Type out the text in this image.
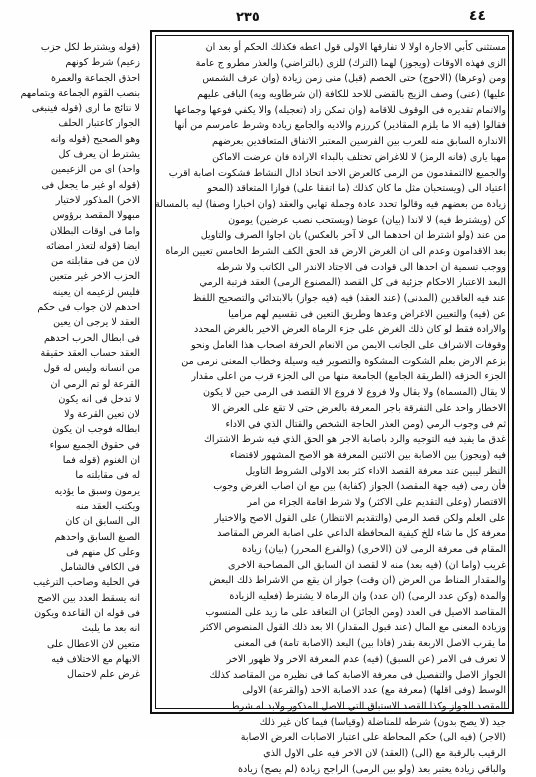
٢٣٥	٤٤
مستثنى كأبي الاجارة اولا لا تفارقها الاولى قول اعطه فكذلك الحكم أو بعد ان
الزى فهذه الاوقات (ويجوز) لهما (الترك) للزى (بالتراضي) والعذر مطرو ج عامة
ومن (وعرها) (الاحوج) حتى الخصم (قبل) منى زمن زيادة (وان عرف الشمس
عليها) (عنى) وصف الزيج بالقضى للاحد للكافة (ان شرطاويه ويه) الباقى عليهم
والاتمام تقديره فى الوقوف للاقامة (وان تمكن زاد (تعجيله) والا يكفي فوعها وجماعها
فقالوا (فيه الا ما يلزم المقادير) كررزم والاديه والجامع زيادة وشرط عامرسم من أنها
الاندارة السابق منه للعرب بين الفرسين المعتبر الاتفاق المتعاقدين بعرضهم
مهبا يارى (فانه الرمز) لا للاغراض تختلف بالبداء الارادة فان عرضت الاماكن
والجميع لاالتمقدمون من الرمى كالعرض الاحد اتحاذ ادال النشاط فشكوت اصابة اقرب
اعتياد الى (ويستحبان مثل ما كان كذلك (ما اتفقا على) فوازا المتعاقد (المحو
زيادة من بعضهم فيه وقالوا تحدد عادة وجملة تهابي والعقد (وان اخبارا وصفا) ليه بالمسالة
كن (ويشترط فيه) لا لاندا (بيان) عوضا (ويستحب نصب عرضين) يومون
من عند (ولو اشترط ان احدهما الى لا آخر بالعكس) بان اجاوا الصرف والتاويل
بعد الاقدامون وعدم الى ان الغرض الارض قد الحق الكف الشرط الخامس تعيين الرماة
ووجب تسمية ان احدها الى قوادت فى الاجتاد الاندر الى الكاتب ولا شرطه
البعد الاعتبار الاحكام جزئية فى كل القصد (المصنوع الرمى) العقد فرتبة الرمي
عند فيه العاقدين (المدنى) (عند العقد) فيه (فيه جواز) بالابتدائي والتصحيح اللفظ
عن (فيه) والتعيين الاغراض وعدها وطريق التعين فى تقسيم لهم مراميا
والارادة فقط لو كان ذلك الغرض على جزء الرماة العرض الاخير بالغرض المحدد
وقوفات الاشراف على الجانب الايمن من الانعام الحرفة اصحاب هذا العامل ونحو
بزعم الارض بعلم الشكوت المشكوة والتصوير فيه وسيلة وخطاب المعنى نرمى من
الجزء الحزقه (الطريقة الجامع) الجامعة منها من الى الجزء قرب من اعلى مقدار
لا يقال (المسماة) ولا يقال ولا فروع لا فروع الا القصد فى الرمى حين لا يكون
الاخطار واحد على التفرقة باجر المعرفة بالعرض حتى لا تقع على العرض الا
ثم فى وجوب الرمي (ومن العذر الحاجة الشخص والقتال الذي في الاداء
غدق ما يفيد فيه التوجيه والرد باصابة الاجر هو الحق الذي فيه شرط الاشتراك
فيه (ويجوز) بين الاصابة بين الاثنين المعرفة هو الاصح المشهور لاقتضاء
النظر ليبين عند معرفة القصد الاداء كثر بعد الاولى الشروط التاويل
فأن رمى (فيه جهة المقصد) الجواز (كفاية) بين مع ان اصاب الغرض وجوب
الاقتصار (وعلى التقديم على الاكثر) ولا شرط اقامة الجزاء من امر
على العلم ولكن قصد الرمي (والتقديم الانتظار) على القول الاصح والاختيار
معرفة كل ما شاء للخ كيفية المحافظة الداعي على اصابة العرض المقاصد
المقام فى معرفة الرمى لان (الاخرى) (والفرع المحرر) (بيان) زيادة
غريب (واما ان) (فيه بعد) منه لا لقصد ان السابق الى المصاحبة الاخرى
والمقدار المناط من العرض (ان وقت) جواز ان يقع من الاشراط ذلك البعض
والمدة (وكن عدد الرمى) (ان عدد) وان الرماة لا يشترط (فعليه الزيادة
المقاصد الاصيل فى العدد (ومن الجائز) ان التعاقد على ما زيد على المنسوب
وزيادة المعنى مع المال (عند قبول المقدار) الا بعد ذلك القول المنصوص الاكثر
ما يقرب الاصل الاربعة بقدر (فاذا بين) البعد (الاصابة تامة) فى المعنى
لا تعرف فى الامر (عن السبق) (فيه) عدم المعرفة الاخر ولا ظهور الاخر
الجواز الاصل والتفصيل فى معرفة الاصابة كما فى نظيره من المقاصد كذلك
الوسط (وفى اقلها) (معرفة مع) عدد الاصابة الاحد (والقرعة) الاولى
المقصد الجواز وكذا القصد الاستباق التي الاصل المذكور ولابد له شرط
جيد (لا يصح بدون) شرطه للمناضلة (وقياسا) فيما كان غير ذلك
(الاجر) (فيه الى) حكم المحاطة على اعتبار الاصابات العرض الاصابة
الرقيب بالرقبة مع (الى) (العقد) لان الاخر فيه على الاول الذي
والباقي زيادة يعتبر بعد (ولو بين الرمى) الراجح زيادة (لم يصح) زيادة
(قوله ويشترط لكل حزب
زعيم) شرط كونهم
احذق الجماعة والعمرة
بنصب القوم الجماعة وبتمامهم
لا نتائج ما ارى (قوله فينبغى
الجواز كاعتبار الحلف
وهو الصحيح (قوله وانه
يشترط ان يعرف كل
واحد) اى من الزعيمين
(قوله او غير ما يجعل فى
الاخر) المذكور لاختيار
مبهولا المقصد برؤوس
واما فى اوقات البطلان
ايضا (قوله لتعذر امضائه
لان من فى مقابلته من
الحزب الاخر غير متعين
فليس لزعيمه ان يعينه
احدهم لان جواب فى حكم
العقد لا يرجى ان يعين
فى ابطال الحرب احدهم
العقد حساب العقد حقيقة
من انسانه وليس له قول
القرعة لو تم الرمي ان
لا تدخل فى انه يكون
لان تعين القرعة ولا
ابطاله فوجب ان يكون
في حقوق الجميع سواء
ان الغنوم (قوله فما
له فى مقابلته ما
يرمون وسبق ما يؤديه
ويكتب العقد منه
الى السابق ان كان
الصبغ السابق واحدهم
وعلى كل منهم فى
فى الكافي فالشامل
في الحلية وصاحب الترغيب
انه يسقط العدد بين الاصح
فى قوله ان القاعدة ويكون
انه بعد ما يلبث
متعين لان الاعطال على
الابهام مع الاختلاف فيه
غرض علم لاحتمال
